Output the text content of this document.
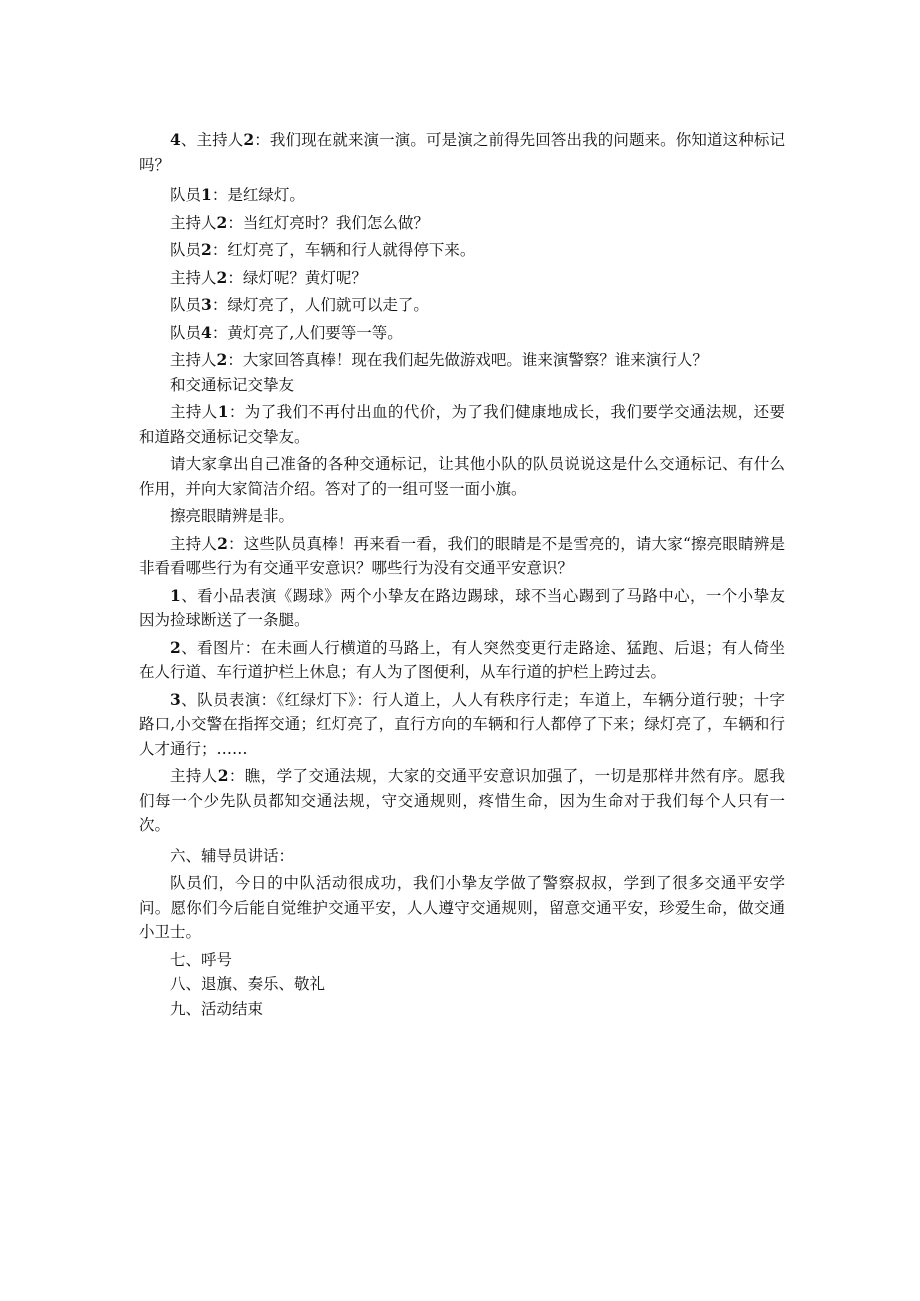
4、主持人2：我们现在就来演一演。可是演之前得先回答出我的问题来。你知道这种标记吗？

队员1：是红绿灯。

主持人2：当红灯亮时？我们怎么做？

队员2：红灯亮了，车辆和行人就得停下来。

主持人2：绿灯呢？黄灯呢？

队员3：绿灯亮了，人们就可以走了。

队员4：黄灯亮了,人们要等一等。

主持人2：大家回答真棒！现在我们起先做游戏吧。谁来演警察？谁来演行人？

和交通标记交挚友

主持人1：为了我们不再付出血的代价，为了我们健康地成长，我们要学交通法规，还要和道路交通标记交挚友。

请大家拿出自己准备的各种交通标记，让其他小队的队员说说这是什么交通标记、有什么作用，并向大家简洁介绍。答对了的一组可竖一面小旗。

擦亮眼睛辨是非。

主持人2：这些队员真棒！再来看一看，我们的眼睛是不是雪亮的，请大家“擦亮眼睛辨是非看看哪些行为有交通平安意识？哪些行为没有交通平安意识？

1、看小品表演《踢球》两个小挚友在路边踢球，球不当心踢到了马路中心，一个小挚友因为捡球断送了一条腿。

2、看图片：在未画人行横道的马路上，有人突然变更行走路途、猛跑、后退；有人倚坐在人行道、车行道护栏上休息；有人为了图便利，从车行道的护栏上跨过去。

3、队员表演：《红绿灯下》：行人道上，人人有秩序行走；车道上，车辆分道行驶；十字路口,小交警在指挥交通；红灯亮了，直行方向的车辆和行人都停了下来；绿灯亮了，车辆和行人才通行；……

主持人2：瞧，学了交通法规，大家的交通平安意识加强了，一切是那样井然有序。愿我们每一个少先队员都知交通法规，守交通规则，疼惜生命，因为生命对于我们每个人只有一次。

六、辅导员讲话：

队员们，今日的中队活动很成功，我们小挚友学做了警察叔叔，学到了很多交通平安学问。愿你们今后能自觉维护交通平安，人人遵守交通规则，留意交通平安，珍爱生命，做交通小卫士。

七、呼号

八、退旗、奏乐、敬礼

九、活动结束
